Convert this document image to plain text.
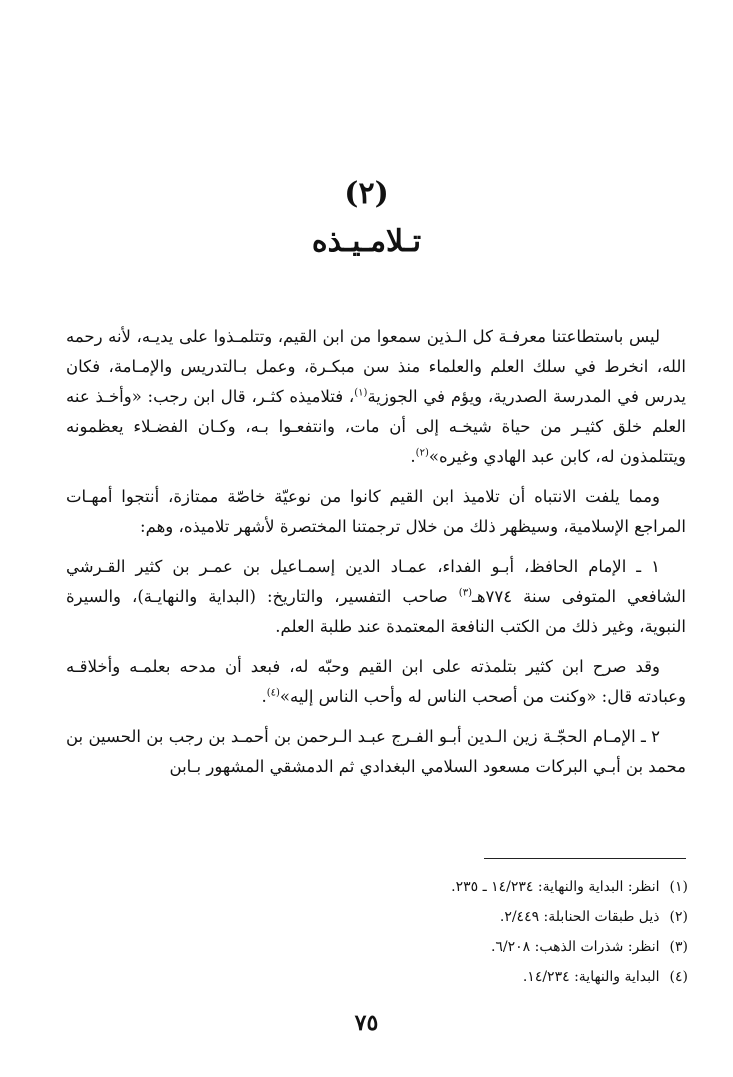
(٢)
تـلامـيـذه

ليس باستطاعتنا معرفـة كل الـذين سمعوا من ابن القيم، وتتلمـذوا على يديـه، لأنه رحمه الله، انخرط في سلك العلم والعلماء منذ سن مبكـرة، وعمل بـالتدريس والإمـامة، فكان يدرس في المدرسة الصدرية، ويؤم في الجوزية$^{(١)}$، فتلاميذه كثـر، قال ابن رجب: «وأخـذ عنه العلم خلق كثيـر من حياة شيخـه إلى أن مات، وانتفعـوا بـه، وكـان الفضـلاء يعظمونه ويتتلمذون له، كابن عبد الهادي وغيره»$^{(٢)}$.

ومما يلفت الانتباه أن تلاميذ ابن القيم كانوا من نوعيّة خاصّة ممتازة، أنتجوا أمهـات المراجع الإسلامية، وسيظهر ذلك من خلال ترجمتنا المختصرة لأشهر تلاميذه، وهم:

١ ـ الإمام الحافظ، أبـو الفداء، عمـاد الدين إسمـاعيل بن عمـر بن كثير القـرشي الشافعي المتوفى سنة ٧٧٤هـ$^{(٣)}$ صاحب التفسير، والتاريخ: (البداية والنهايـة)، والسيرة النبوية، وغير ذلك من الكتب النافعة المعتمدة عند طلبة العلم.

وقد صرح ابن كثير بتلمذته على ابن القيم وحبّه له، فبعد أن مدحه بعلمـه وأخلاقـه وعبادته قال: «وكنت من أصحب الناس له وأحب الناس إليه»$^{(٤)}$.

٢ ـ الإمـام الحجّـة زين الـدين أبـو الفـرج عبـد الـرحمن بن أحمـد بن رجب بن الحسين بن محمد بن أبـي البركات مسعود السلامي البغدادي ثم الدمشقي المشهور بـابن

(١)انظر: البداية والنهاية: ١٤/٢٣٤ ـ ٢٣٥.
(٢)ذيل طبقات الحنابلة: ٢/٤٤٩.
(٣)انظر: شذرات الذهب: ٦/٢٠٨.
(٤)البداية والنهاية: ١٤/٢٣٤.
٧٥
